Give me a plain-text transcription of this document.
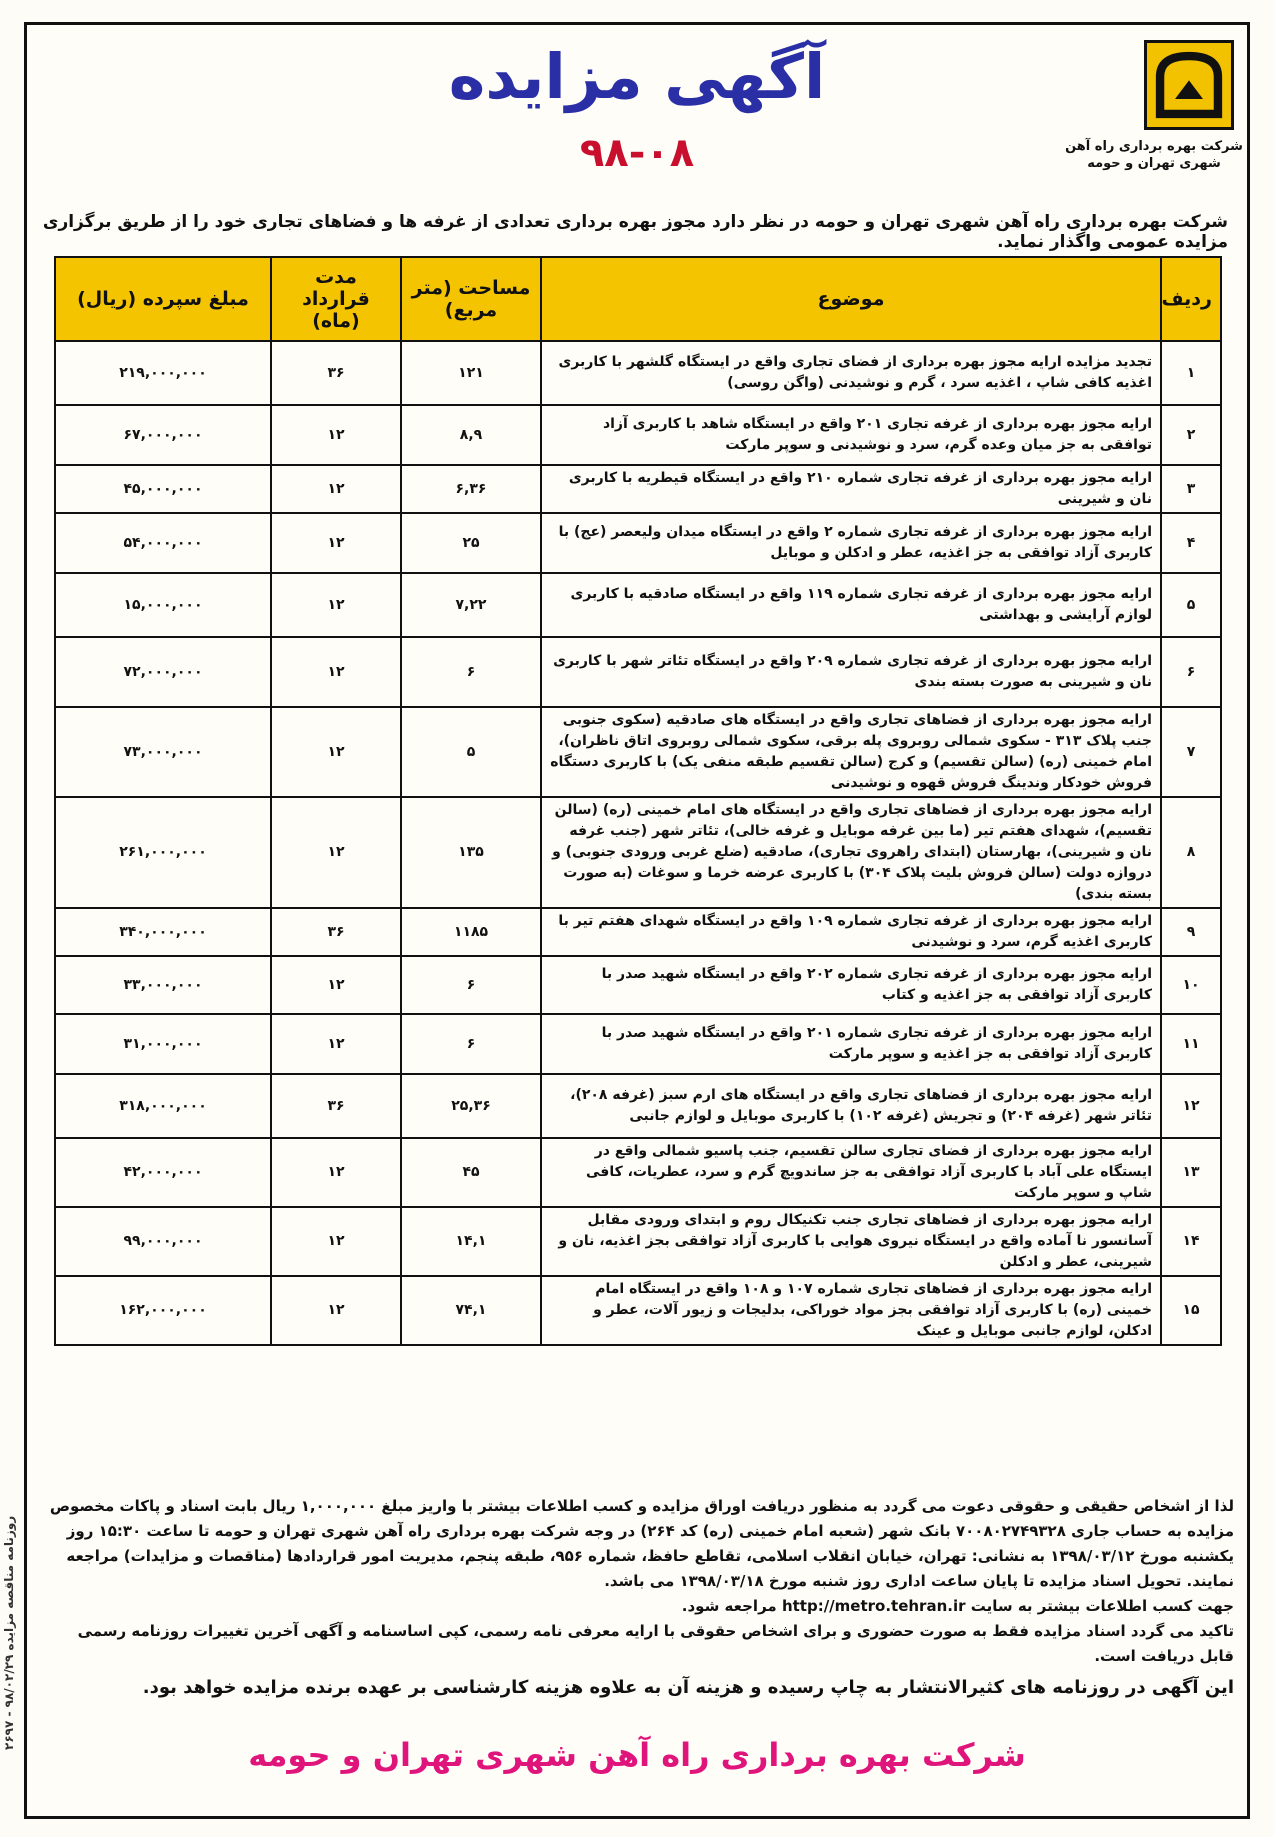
شرکت بهره برداری راه آهن شهری تهران و حومه
آگهی مزایده
۹۸-۰۸
شرکت بهره برداری راه آهن شهری تهران و حومه در نظر دارد مجوز بهره برداری تعدادی از غرفه ها و فضاهای تجاری خود را از طریق برگزاری مزایده عمومی واگذار نماید.
ردیف	موضوع	مساحت (متر مربع)	مدت قرارداد (ماه)	مبلغ سپرده (ریال)
۱	تجدید مزایده ارایه مجوز بهره برداری از فضای تجاری واقع در ایستگاه گلشهر با کاربری اغذیه کافی شاپ ، اغذیه سرد ، گرم و نوشیدنی (واگن روسی)	۱۲۱	۳۶	۲۱۹,۰۰۰,۰۰۰
۲	ارایه مجوز بهره برداری از غرفه تجاری ۲۰۱ واقع در ایستگاه شاهد با کاربری آزاد توافقی به جز میان وعده گرم، سرد و نوشیدنی و سوپر مارکت	۸,۹	۱۲	۶۷,۰۰۰,۰۰۰
۳	ارایه مجوز بهره برداری از غرفه تجاری شماره ۲۱۰ واقع در ایستگاه قیطریه با کاربری نان و شیرینی	۶,۳۶	۱۲	۴۵,۰۰۰,۰۰۰
۴	ارایه مجوز بهره برداری از غرفه تجاری شماره ۲ واقع در ایستگاه میدان ولیعصر (عج) با کاربری آزاد توافقی به جز اغذیه، عطر و ادکلن و موبایل	۲۵	۱۲	۵۴,۰۰۰,۰۰۰
۵	ارایه مجوز بهره برداری از غرفه تجاری شماره ۱۱۹ واقع در ایستگاه صادقیه با کاربری لوازم آرایشی و بهداشتی	۷,۲۲	۱۲	۱۵,۰۰۰,۰۰۰
۶	ارایه مجوز بهره برداری از غرفه تجاری شماره ۲۰۹ واقع در ایستگاه تئاتر شهر با کاربری نان و شیرینی به صورت بسته بندی	۶	۱۲	۷۲,۰۰۰,۰۰۰
۷	ارایه مجوز بهره برداری از فضاهای تجاری واقع در ایستگاه های صادقیه (سکوی جنوبی جنب پلاک ۳۱۳ - سکوی شمالی روبروی پله برقی، سکوی شمالی روبروی اتاق ناظران)، امام خمینی (ره) (سالن تقسیم) و کرج (سالن تقسیم طبقه منفی یک) با کاربری دستگاه فروش خودکار وندینگ فروش قهوه و نوشیدنی	۵	۱۲	۷۳,۰۰۰,۰۰۰
۸	ارایه مجوز بهره برداری از فضاهای تجاری واقع در ایستگاه های امام خمینی (ره) (سالن تقسیم)، شهدای هفتم تیر (ما بین غرفه موبایل و غرفه خالی)، تئاتر شهر (جنب غرفه نان و شیرینی)، بهارستان (ابتدای راهروی تجاری)، صادقیه (ضلع غربی ورودی جنوبی) و دروازه دولت (سالن فروش بلیت پلاک ۳۰۴) با کاربری عرضه خرما و سوغات (به صورت بسته بندی)	۱۳۵	۱۲	۲۶۱,۰۰۰,۰۰۰
۹	ارایه مجوز بهره برداری از غرفه تجاری شماره ۱۰۹ واقع در ایستگاه شهدای هفتم تیر با کاربری اغذیه گرم، سرد و نوشیدنی	۱۱۸۵	۳۶	۳۴۰,۰۰۰,۰۰۰
۱۰	ارایه مجوز بهره برداری از غرفه تجاری شماره ۲۰۲ واقع در ایستگاه شهید صدر با کاربری آزاد توافقی به جز اغذیه و کتاب	۶	۱۲	۳۳,۰۰۰,۰۰۰
۱۱	ارایه مجوز بهره برداری از غرفه تجاری شماره ۲۰۱ واقع در ایستگاه شهید صدر با کاربری آزاد توافقی به جز اغذیه و سوپر مارکت	۶	۱۲	۳۱,۰۰۰,۰۰۰
۱۲	ارایه مجوز بهره برداری از فضاهای تجاری واقع در ایستگاه های ارم سبز (غرفه ۲۰۸)، تئاتر شهر (غرفه ۲۰۴) و تجریش (غرفه ۱۰۲) با کاربری موبایل و لوازم جانبی	۲۵,۳۶	۳۶	۳۱۸,۰۰۰,۰۰۰
۱۳	ارایه مجوز بهره برداری از فضای تجاری سالن تقسیم، جنب پاسیو شمالی واقع در ایستگاه علی آباد با کاربری آزاد توافقی به جز ساندویچ گرم و سرد، عطریات، کافی شاپ و سوپر مارکت	۴۵	۱۲	۴۲,۰۰۰,۰۰۰
۱۴	ارایه مجوز بهره برداری از فضاهای تجاری جنب تکنیکال روم و ابتدای ورودی مقابل آسانسور نا آماده واقع در ایستگاه نیروی هوایی با کاربری آزاد توافقی بجز اغذیه، نان و شیرینی، عطر و ادکلن	۱۴,۱	۱۲	۹۹,۰۰۰,۰۰۰
۱۵	ارایه مجوز بهره برداری از فضاهای تجاری شماره ۱۰۷ و ۱۰۸ واقع در ایستگاه امام خمینی (ره) با کاربری آزاد توافقی بجز مواد خوراکی، بدلیجات و زیور آلات، عطر و ادکلن، لوازم جانبی موبایل و عینک	۷۴,۱	۱۲	۱۶۲,۰۰۰,۰۰۰

لذا از اشخاص حقیقی و حقوقی دعوت می گردد به منظور دریافت اوراق مزایده و کسب اطلاعات بیشتر با واریز مبلغ ۱,۰۰۰,۰۰۰ ریال بابت اسناد و پاکات مخصوص مزایده به حساب جاری ۷۰۰۸۰۲۷۴۹۳۲۸ بانک شهر (شعبه امام خمینی (ره) کد ۲۶۴) در وجه شرکت بهره برداری راه آهن شهری تهران و حومه تا ساعت ۱۵:۳۰ روز یکشنبه مورخ ۱۳۹۸/۰۳/۱۲ به نشانی: تهران، خیابان انقلاب اسلامی، تقاطع حافظ، شماره ۹۵۶، طبقه پنجم، مدیریت امور قراردادها (مناقصات و مزایدات) مراجعه نمایند. تحویل اسناد مزایده تا پایان ساعت اداری روز شنبه مورخ ۱۳۹۸/۰۳/۱۸ می باشد.

جهت کسب اطلاعات بیشتر به سایت http://metro.tehran.ir مراجعه شود.

تاکید می گردد اسناد مزایده فقط به صورت حضوری و برای اشخاص حقوقی با ارایه معرفی نامه رسمی، کپی اساسنامه و آگهی آخرین تغییرات روزنامه رسمی قابل دریافت است.

این آگهی در روزنامه های کثیرالانتشار به چاپ رسیده و هزینه آن به علاوه هزینه کارشناسی بر عهده برنده مزایده خواهد بود.

شرکت بهره برداری راه آهن شهری تهران و حومه
روزنامه مناقصه مزایده ۹۸/۰۲/۲۹ - ۲۶۹۷
